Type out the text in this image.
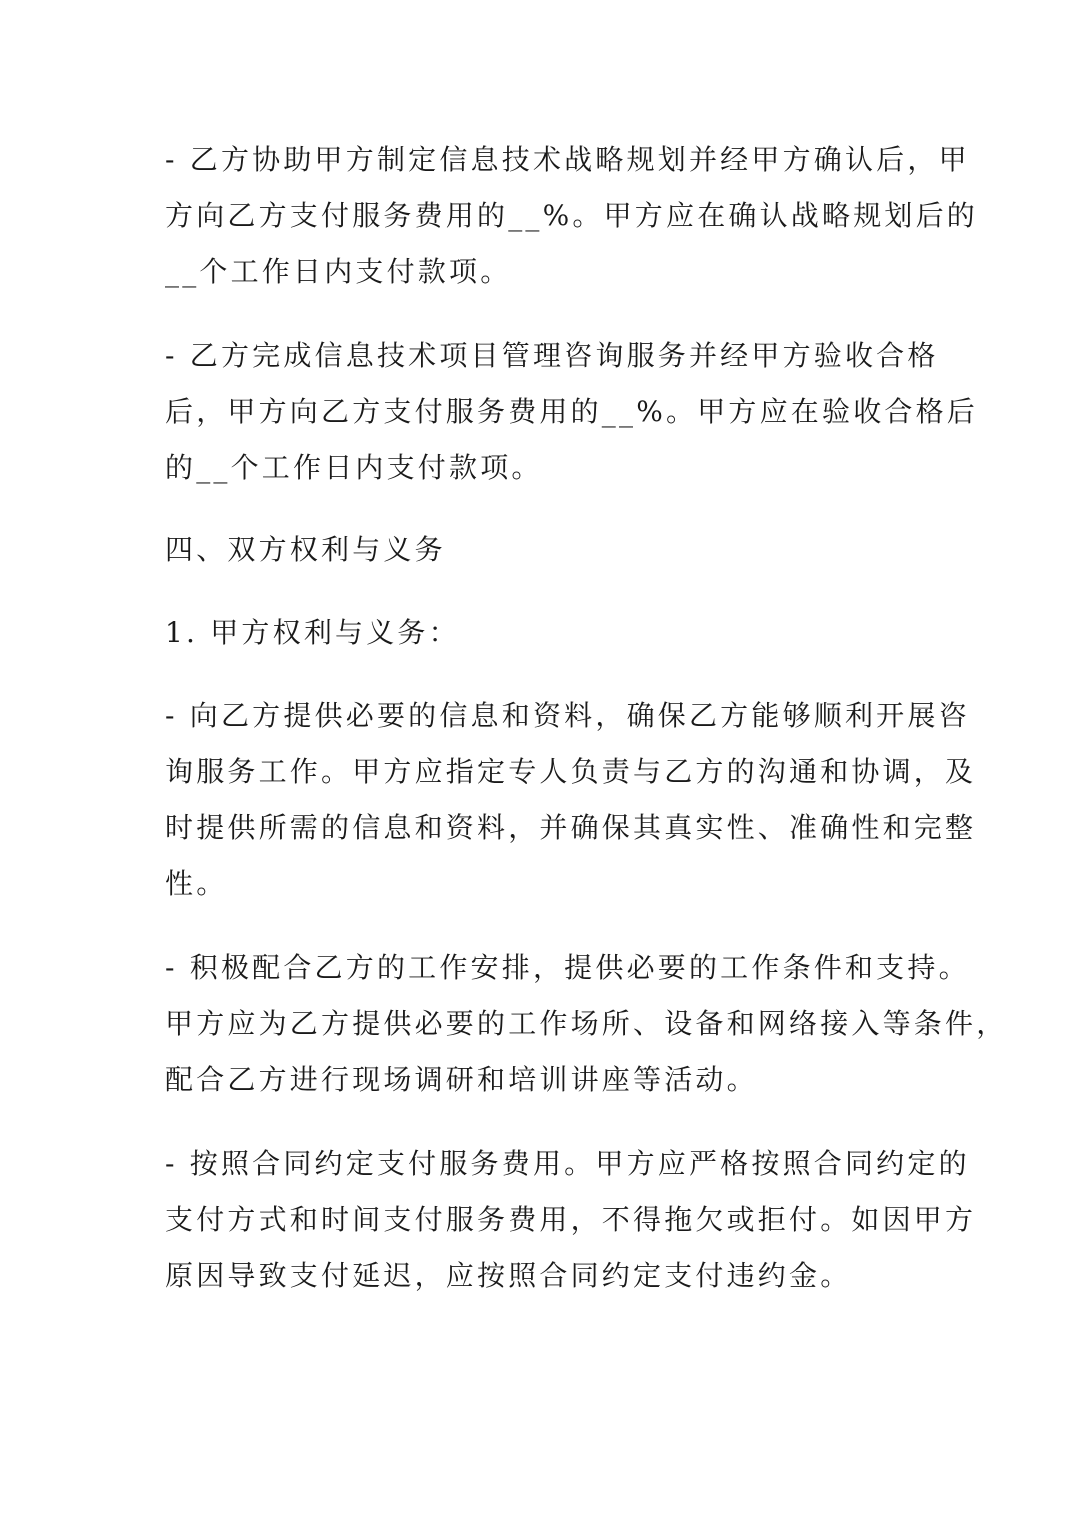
- 乙方协助甲方制定信息技术战略规划并经甲方确认后，甲
方向乙方支付服务费用的__%。甲方应在确认战略规划后的
__个工作日内支付款项。
- 乙方完成信息技术项目管理咨询服务并经甲方验收合格
后，甲方向乙方支付服务费用的__%。甲方应在验收合格后
的__个工作日内支付款项。
四、双方权利与义务
1. 甲方权利与义务：
- 向乙方提供必要的信息和资料，确保乙方能够顺利开展咨
询服务工作。甲方应指定专人负责与乙方的沟通和协调，及
时提供所需的信息和资料，并确保其真实性、准确性和完整
性。
- 积极配合乙方的工作安排，提供必要的工作条件和支持。
甲方应为乙方提供必要的工作场所、设备和网络接入等条件，
配合乙方进行现场调研和培训讲座等活动。
- 按照合同约定支付服务费用。甲方应严格按照合同约定的
支付方式和时间支付服务费用，不得拖欠或拒付。如因甲方
原因导致支付延迟，应按照合同约定支付违约金。
